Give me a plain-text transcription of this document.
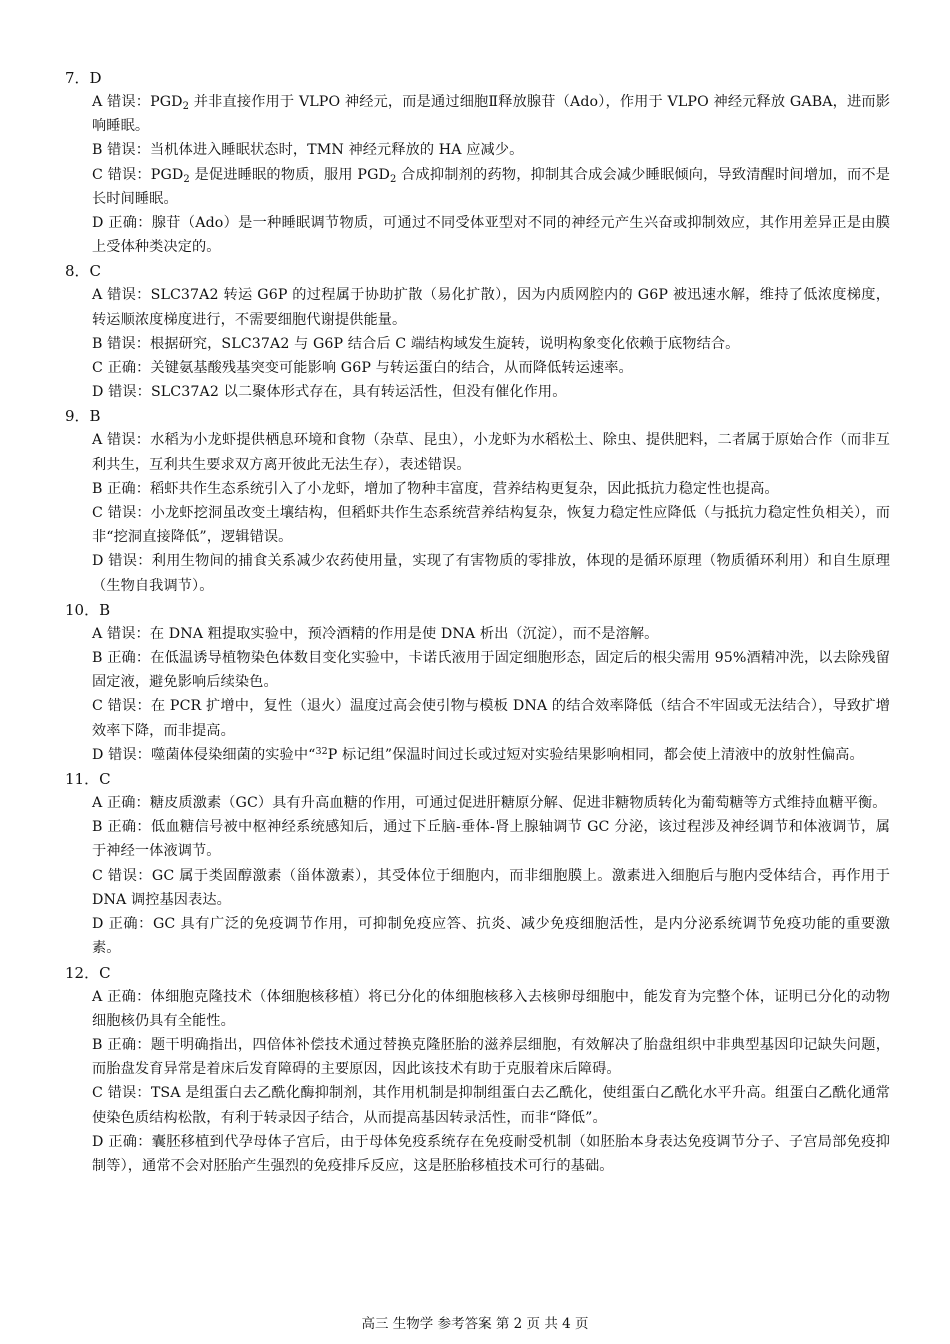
7．D

A 错误：$PGD_2$ 并非直接作用于 VLPO 神经元，而是通过细胞Ⅱ释放腺苷（Ado），作用于 VLPO 神经元释放 GABA，进而影响睡眠。

B 错误：当机体进入睡眠状态时，TMN 神经元释放的 HA 应减少。

C 错误：$PGD_2$ 是促进睡眠的物质，服用 $PGD_2$ 合成抑制剂的药物，抑制其合成会减少睡眠倾向，导致清醒时间增加，而不是长时间睡眠。

D 正确：腺苷（Ado）是一种睡眠调节物质，可通过不同受体亚型对不同的神经元产生兴奋或抑制效应，其作用差异正是由膜上受体种类决定的。

8．C

A 错误：SLC37A2 转运 G6P 的过程属于协助扩散（易化扩散），因为内质网腔内的 G6P 被迅速水解，维持了低浓度梯度，转运顺浓度梯度进行，不需要细胞代谢提供能量。

B 错误：根据研究，SLC37A2 与 G6P 结合后 C 端结构域发生旋转，说明构象变化依赖于底物结合。

C 正确：关键氨基酸残基突变可能影响 G6P 与转运蛋白的结合，从而降低转运速率。

D 错误：SLC37A2 以二聚体形式存在，具有转运活性，但没有催化作用。

9．B

A 错误：水稻为小龙虾提供栖息环境和食物（杂草、昆虫），小龙虾为水稻松土、除虫、提供肥料，二者属于原始合作（而非互利共生，互利共生要求双方离开彼此无法生存），表述错误。

B 正确：稻虾共作生态系统引入了小龙虾，增加了物种丰富度，营养结构更复杂，因此抵抗力稳定性也提高。

C 错误：小龙虾挖洞虽改变土壤结构，但稻虾共作生态系统营养结构复杂，恢复力稳定性应降低（与抵抗力稳定性负相关），而非“挖洞直接降低”，逻辑错误。

D 错误：利用生物间的捕食关系减少农药使用量，实现了有害物质的零排放，体现的是循环原理（物质循环利用）和自生原理（生物自我调节）。

10．B

A 错误：在 DNA 粗提取实验中，预冷酒精的作用是使 DNA 析出（沉淀），而不是溶解。

B 正确：在低温诱导植物染色体数目变化实验中，卡诺氏液用于固定细胞形态，固定后的根尖需用 95%酒精冲洗，以去除残留固定液，避免影响后续染色。

C 错误：在 PCR 扩增中，复性（退火）温度过高会使引物与模板 DNA 的结合效率降低（结合不牢固或无法结合），导致扩增效率下降，而非提高。

D 错误：噬菌体侵染细菌的实验中“$^{32}$P 标记组”保温时间过长或过短对实验结果影响相同，都会使上清液中的放射性偏高。

11．C

A 正确：糖皮质激素（GC）具有升高血糖的作用，可通过促进肝糖原分解、促进非糖物质转化为葡萄糖等方式维持血糖平衡。

B 正确：低血糖信号被中枢神经系统感知后，通过下丘脑-垂体-肾上腺轴调节 GC 分泌，该过程涉及神经调节和体液调节，属于神经一体液调节。

C 错误：GC 属于类固醇激素（甾体激素），其受体位于细胞内，而非细胞膜上。激素进入细胞后与胞内受体结合，再作用于 DNA 调控基因表达。

D 正确：GC 具有广泛的免疫调节作用，可抑制免疫应答、抗炎、减少免疫细胞活性，是内分泌系统调节免疫功能的重要激素。

12．C

A 正确：体细胞克隆技术（体细胞核移植）将已分化的体细胞核移入去核卵母细胞中，能发育为完整个体，证明已分化的动物细胞核仍具有全能性。

B 正确：题干明确指出，四倍体补偿技术通过替换克隆胚胎的滋养层细胞，有效解决了胎盘组织中非典型基因印记缺失问题，而胎盘发育异常是着床后发育障碍的主要原因，因此该技术有助于克服着床后障碍。

C 错误：TSA 是组蛋白去乙酰化酶抑制剂，其作用机制是抑制组蛋白去乙酰化，使组蛋白乙酰化水平升高。组蛋白乙酰化通常使染色质结构松散，有利于转录因子结合，从而提高基因转录活性，而非“降低”。

D 正确：囊胚移植到代孕母体子宫后，由于母体免疫系统存在免疫耐受机制（如胚胎本身表达免疫调节分子、子宫局部免疫抑制等），通常不会对胚胎产生强烈的免疫排斥反应，这是胚胎移植技术可行的基础。

高三 生物学 参考答案 第 2 页 共 4 页
